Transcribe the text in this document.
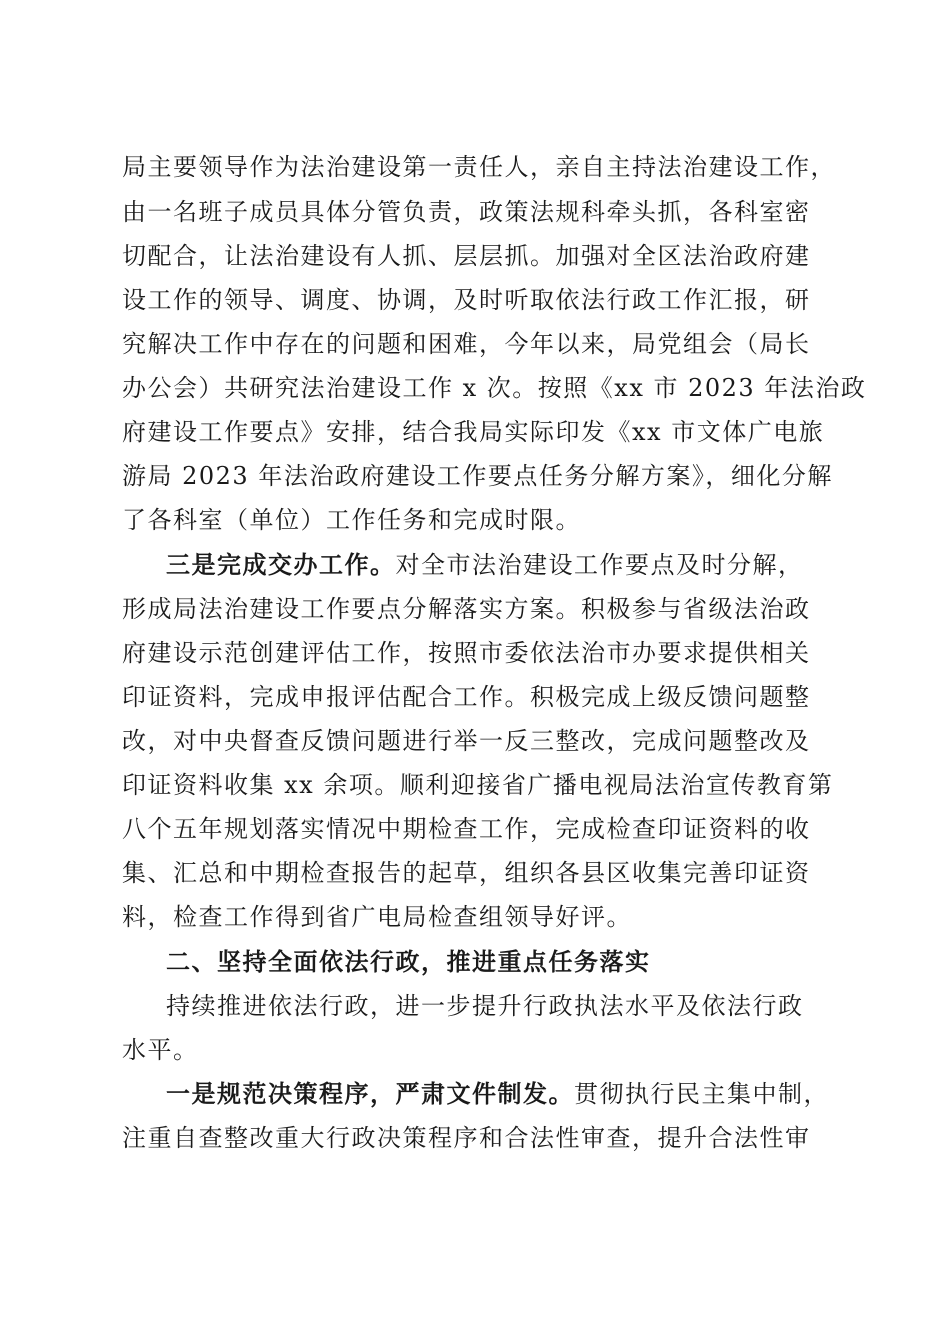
局主要领导作为法治建设第一责任人，亲自主持法治建设工作，
由一名班子成员具体分管负责，政策法规科牵头抓，各科室密
切配合，让法治建设有人抓、层层抓。加强对全区法治政府建
设工作的领导、调度、协调，及时听取依法行政工作汇报，研
究解决工作中存在的问题和困难，今年以来，局党组会（局长
办公会）共研究法治建设工作 x 次。按照《xx 市 2023 年法治政
府建设工作要点》安排，结合我局实际印发《xx 市文体广电旅
游局 2023 年法治政府建设工作要点任务分解方案》，细化分解
了各科室（单位）工作任务和完成时限。
三是完成交办工作。对全市法治建设工作要点及时分解，
形成局法治建设工作要点分解落实方案。积极参与省级法治政
府建设示范创建评估工作，按照市委依法治市办要求提供相关
印证资料，完成申报评估配合工作。积极完成上级反馈问题整
改，对中央督查反馈问题进行举一反三整改，完成问题整改及
印证资料收集 xx 余项。顺利迎接省广播电视局法治宣传教育第
八个五年规划落实情况中期检查工作，完成检查印证资料的收
集、汇总和中期检查报告的起草，组织各县区收集完善印证资
料，检查工作得到省广电局检查组领导好评。
二、坚持全面依法行政，推进重点任务落实
持续推进依法行政，进一步提升行政执法水平及依法行政
水平。
一是规范决策程序，严肃文件制发。贯彻执行民主集中制，
注重自查整改重大行政决策程序和合法性审查，提升合法性审
